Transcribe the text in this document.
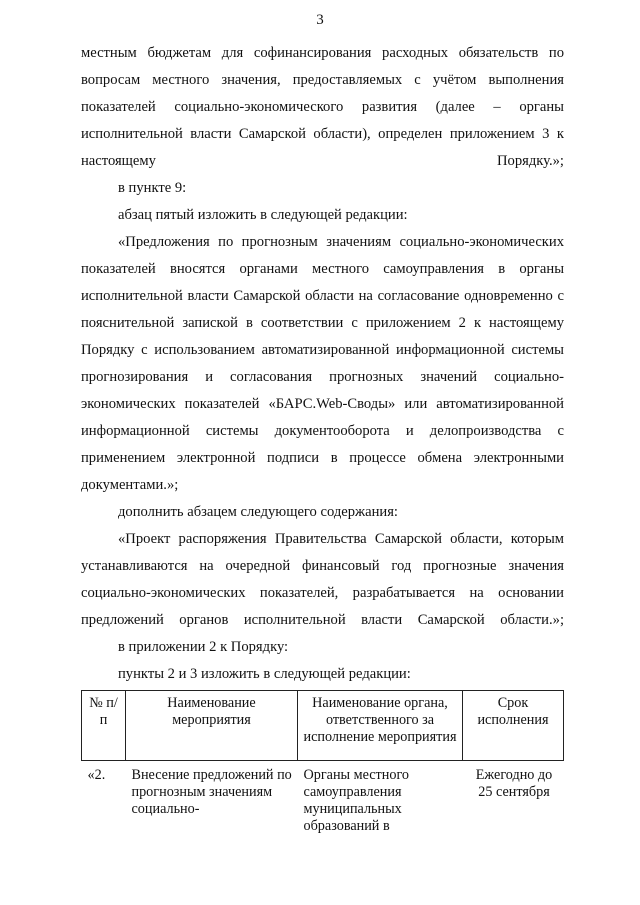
3

местным бюджетам для софинансирования расходных обязательств по вопросам местного значения, предоставляемых с учётом выполнения показателей социально-экономического развития (далее – органы исполнительной власти Самарской области), определен приложением 3 к настоящему Порядку.»;

в пункте 9:

абзац пятый изложить в следующей редакции:

«Предложения по прогнозным значениям социально-экономических показателей вносятся органами местного самоуправления в органы исполнительной власти Самарской области на согласование одновременно с пояснительной запиской в соответствии с приложением 2 к настоящему Порядку с использованием автоматизированной информационной системы прогнозирования и согласования прогнозных значений социально-экономических показателей «БАРС.Web-Своды» или автоматизированной информационной системы документооборота и делопроизводства с применением электронной подписи в процессе обмена электронными документами.»;

дополнить абзацем следующего содержания:

«Проект распоряжения Правительства Самарской области, которым устанавливаются на очередной финансовый год прогнозные значения социально-экономических показателей, разрабатывается на основании предложений органов исполнительной власти Самарской области.»;

в приложении 2 к Порядку:

пункты 2 и 3 изложить в следующей редакции:

№ п/п	Наименование мероприятия	Наименование органа, ответственного за исполнение мероприятия	Срок исполнения
«2.	Внесение предложений по прогнозным значениям социально-	Органы местного самоуправления муниципальных образований в	Ежегодно до 25 сентября
